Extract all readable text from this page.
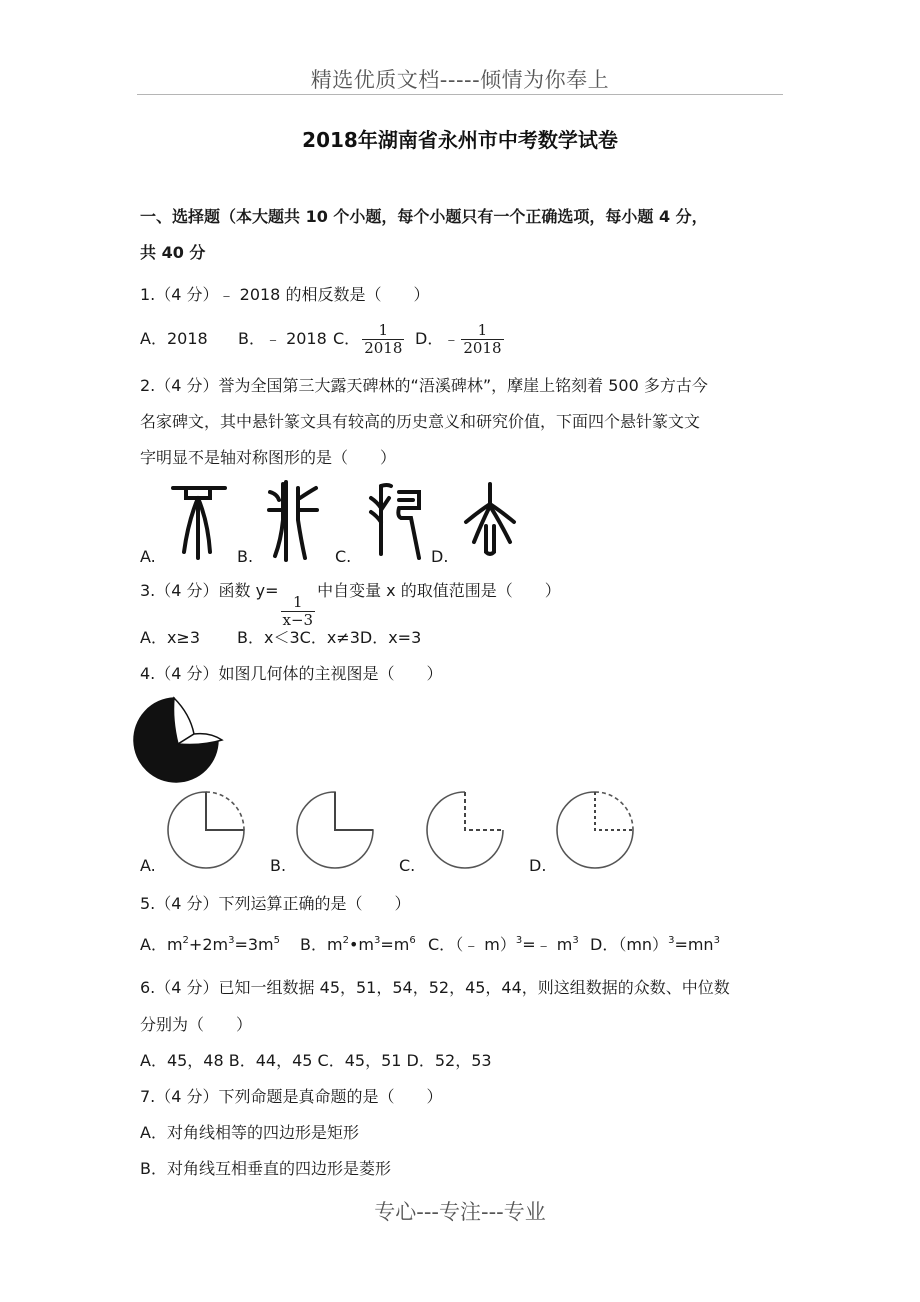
精选优质文档-----倾情为你奉上
2018年湖南省永州市中考数学试卷
一、选择题（本大题共 10 个小题，每个小题只有一个正确选项，每小题 4 分，
共 40 分
1.（4 分）﹣ 2018 的相反数是（　　）
A．2018 B．﹣ 2018 C． $\frac{1}{2018}$ D．﹣ $\frac{1}{2018}$
2.（4 分）誉为全国第三大露天碑林的“浯溪碑林”，摩崖上铭刻着 500 多方古今
名家碑文，其中悬针篆文具有较高的历史意义和研究价值，下面四个悬针篆文文
字明显不是轴对称图形的是（　　）
A.	B.	C.	D.
3.（4 分）函数 y=
$\frac{1}{x-3}$
中自变量 x 的取值范围是（　　）
A．x≥3 B．x＜3C．x≠3D．x=3
4.（4 分）如图几何体的主视图是（　　）
A.	B.	C.	D.
5.（4 分）下列运算正确的是（　　）
A．$m^2+2m^3=3m^5$ B．$m^2•m^3=m^6$ C．（﹣ m）$^3$=﹣ $m^3$ D．$(mn)^3=mn^3$
6.（4 分）已知一组数据 45，51，54，52，45，44，则这组数据的众数、中位数
分别为（　　）
A．45，48 B．44，45 C．45，51 D．52，53
7.（4 分）下列命题是真命题的是（　　）
A．对角线相等的四边形是矩形
B．对角线互相垂直的四边形是菱形
专心---专注---专业
